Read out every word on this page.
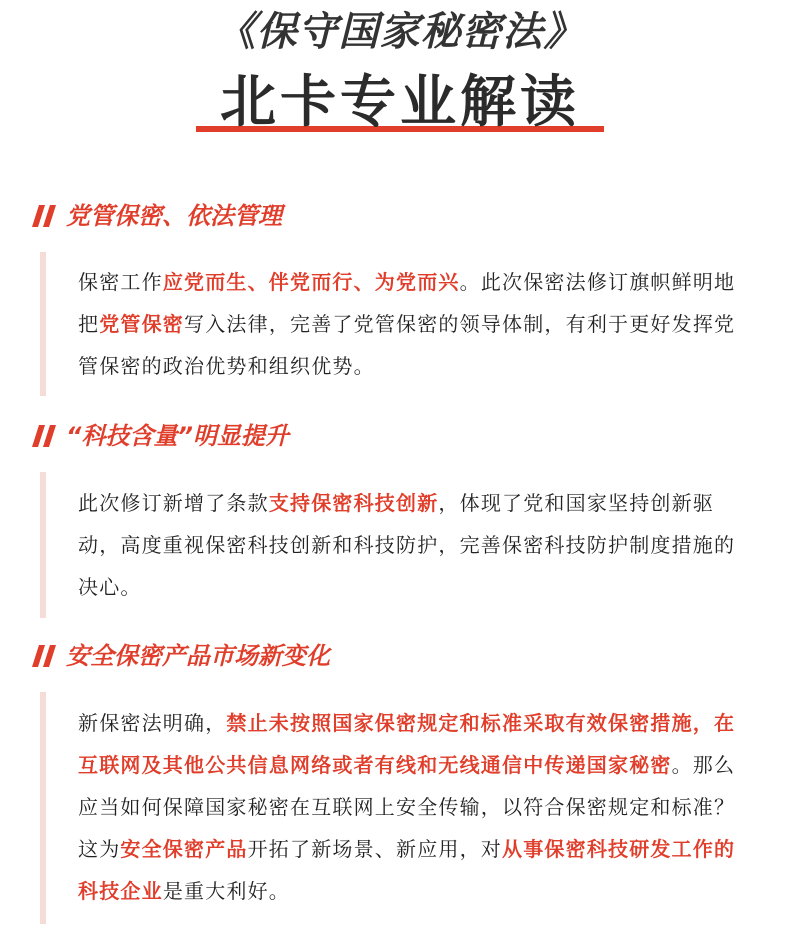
《保守国家秘密法》
北卡专业解读
党管保密、依法管理

保密工作应党而生、伴党而行、为党而兴。此次保密法修订旗帜鲜明地把党管保密写入法律，完善了党管保密的领导体制，有利于更好发挥党管保密的政治优势和组织优势。

“科技含量”明显提升

此次修订新增了条款支持保密科技创新，体现了党和国家坚持创新驱动，高度重视保密科技创新和科技防护，完善保密科技防护制度措施的决心。

安全保密产品市场新变化

新保密法明确，禁止未按照国家保密规定和标准采取有效保密措施，在互联网及其他公共信息网络或者有线和无线通信中传递国家秘密。那么应当如何保障国家秘密在互联网上安全传输，以符合保密规定和标准？这为安全保密产品开拓了新场景、新应用，对从事保密科技研发工作的科技企业是重大利好。
